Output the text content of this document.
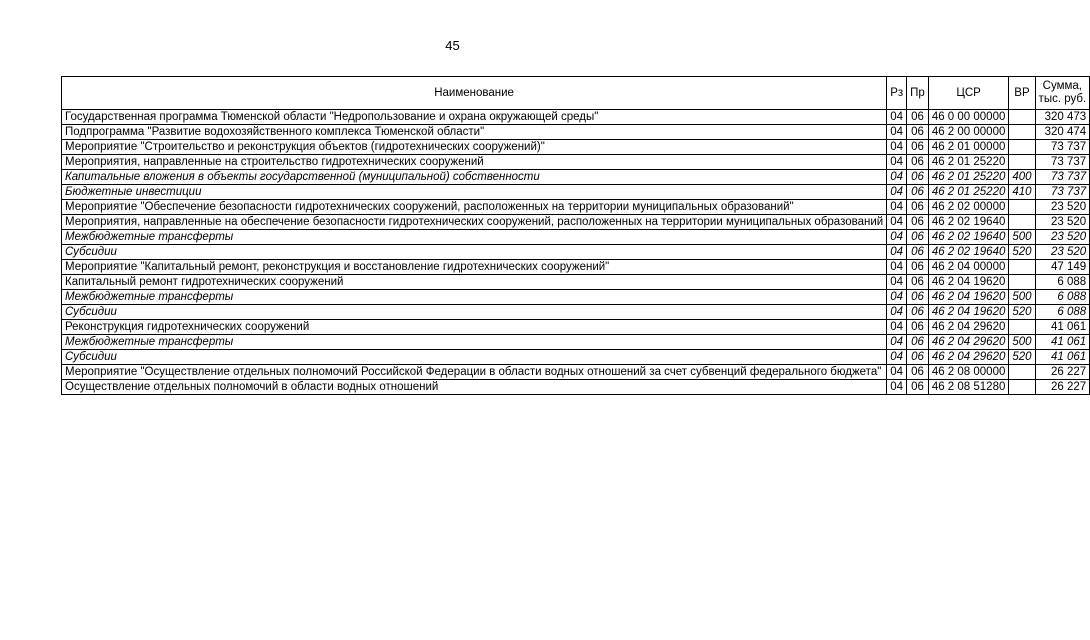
45
Наименование	Рз	Пр	ЦСР	ВР	Сумма,
тыс. руб.

Государственная программа Тюменской области "Недропользование и охрана окружающей среды"	04	06	46 0 00 00000		320 473
Подпрограмма "Развитие водохозяйственного комплекса Тюменской области"	04	06	46 2 00 00000		320 474
Мероприятие "Строительство и реконструкция объектов (гидротехнических сооружений)"	04	06	46 2 01 00000		73 737
Мероприятия, направленные на строительство гидротехнических сооружений	04	06	46 2 01 25220		73 737
Капитальные вложения в объекты государственной (муниципальной) собственности	04	06	46 2 01 25220	400	73 737
Бюджетные инвестиции	04	06	46 2 01 25220	410	73 737
Мероприятие "Обеспечение безопасности гидротехнических сооружений, расположенных на территории муниципальных образований"	04	06	46 2 02 00000		23 520
Мероприятия, направленные на обеспечение безопасности гидротехнических сооружений, расположенных на территории муниципальных образований	04	06	46 2 02 19640		23 520
Межбюджетные трансферты	04	06	46 2 02 19640	500	23 520
Субсидии	04	06	46 2 02 19640	520	23 520
Мероприятие "Капитальный ремонт, реконструкция и восстановление гидротехнических сооружений"	04	06	46 2 04 00000		47 149
Капитальный ремонт гидротехнических сооружений	04	06	46 2 04 19620		6 088
Межбюджетные трансферты	04	06	46 2 04 19620	500	6 088
Субсидии	04	06	46 2 04 19620	520	6 088
Реконструкция гидротехнических сооружений	04	06	46 2 04 29620		41 061
Межбюджетные трансферты	04	06	46 2 04 29620	500	41 061
Субсидии	04	06	46 2 04 29620	520	41 061
Мероприятие "Осуществление отдельных полномочий Российской Федерации в области водных отношений за счет субвенций федерального бюджета"	04	06	46 2 08 00000		26 227
Осуществление отдельных полномочий в области водных отношений	04	06	46 2 08 51280		26 227
